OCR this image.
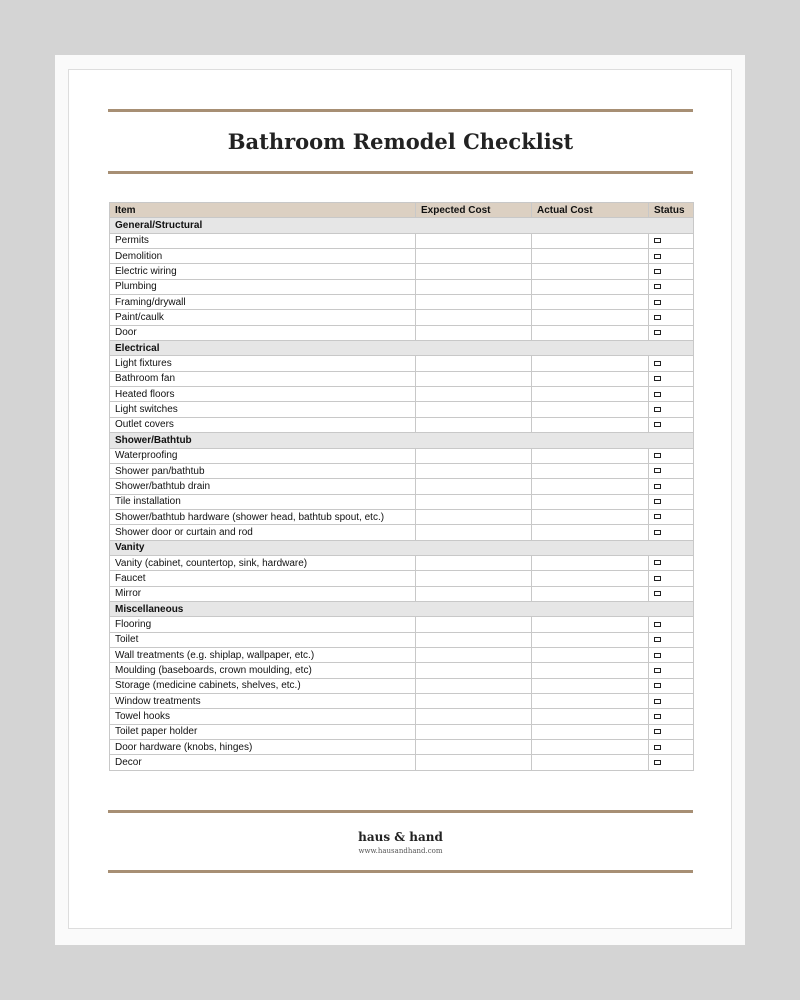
Bathroom Remodel Checklist
Item	Expected Cost	Actual Cost	Status
General/Structural			
Permits			
Demolition			
Electric wiring			
Plumbing			
Framing/drywall			
Paint/caulk			
Door			
Electrical			
Light fixtures			
Bathroom fan			
Heated floors			
Light switches			
Outlet covers			
Shower/Bathtub			
Waterproofing			
Shower pan/bathtub			
Shower/bathtub drain			
Tile installation			
Shower/bathtub hardware (shower head, bathtub spout, etc.)			
Shower door or curtain and rod			
Vanity			
Vanity (cabinet, countertop, sink, hardware)			
Faucet			
Mirror			
Miscellaneous			
Flooring			
Toilet			
Wall treatments (e.g. shiplap, wallpaper, etc.)			
Moulding (baseboards, crown moulding, etc)			
Storage (medicine cabinets, shelves, etc.)			
Window treatments			
Towel hooks			
Toilet paper holder			
Door hardware (knobs, hinges)			
Decor			
haus & hand
www.hausandhand.com
